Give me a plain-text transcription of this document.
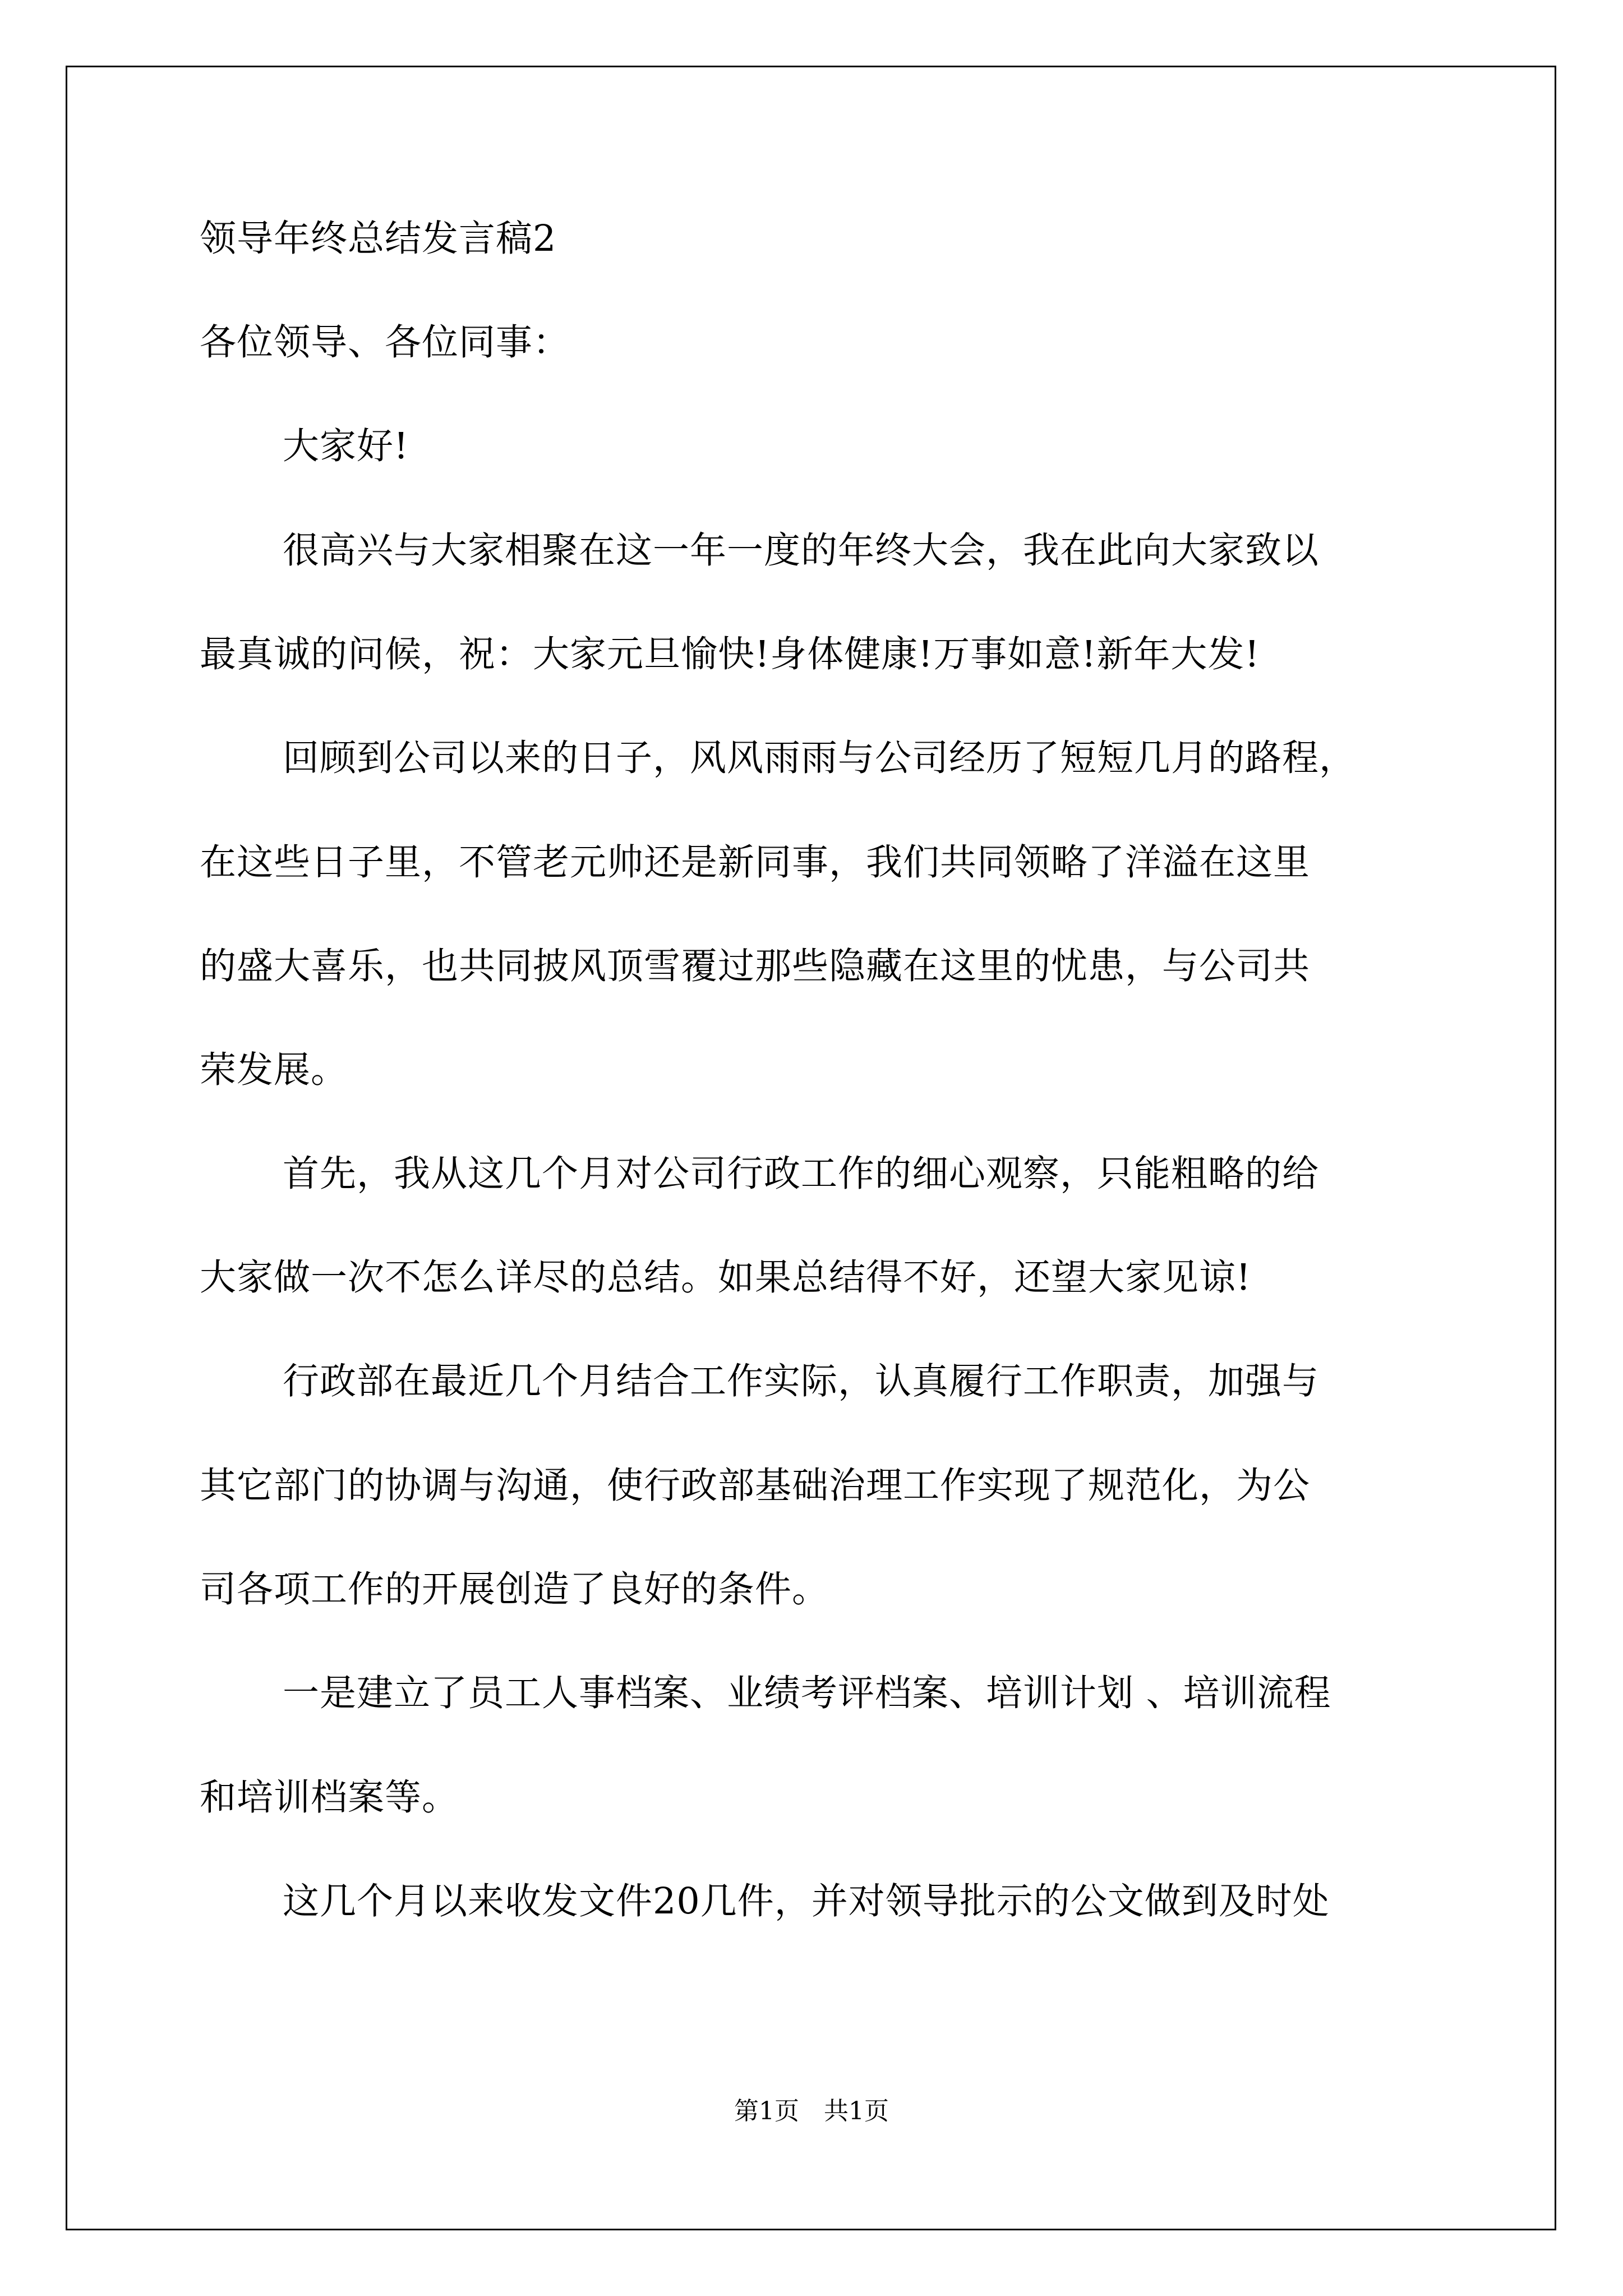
领导年终总结发言稿2
各位领导、各位同事：
大家好!
很高兴与大家相聚在这一年一度的年终大会，我在此向大家致以
最真诚的问候，祝：大家元旦愉快!身体健康!万事如意!新年大发!
回顾到公司以来的日子，风风雨雨与公司经历了短短几月的路程，
在这些日子里，不管老元帅还是新同事，我们共同领略了洋溢在这里
的盛大喜乐，也共同披风顶雪覆过那些隐藏在这里的忧患，与公司共
荣发展。
首先，我从这几个月对公司行政工作的细心观察，只能粗略的给
大家做一次不怎么详尽的总结。如果总结得不好，还望大家见谅!
行政部在最近几个月结合工作实际，认真履行工作职责，加强与
其它部门的协调与沟通，使行政部基础治理工作实现了规范化，为公
司各项工作的开展创造了良好的条件。
一是建立了员工人事档案、业绩考评档案、培训计划 、培训流程
和培训档案等。
这几个月以来收发文件20几件，并对领导批示的公文做到及时处
第1页　共1页
